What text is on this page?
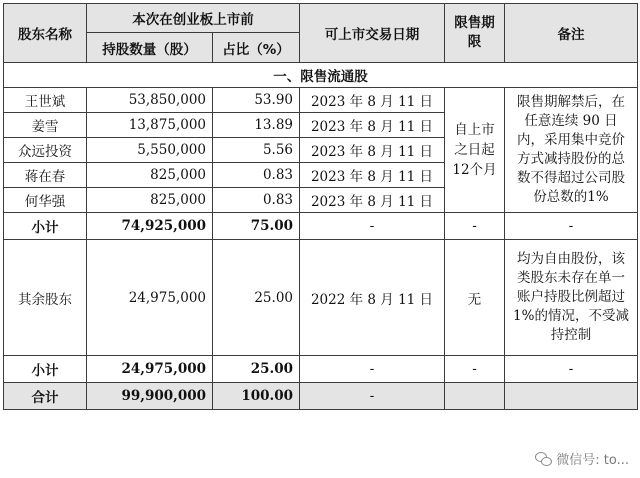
股东名称	本次在创业板上市前		可上市交易日期	限售期限	备注
	持股数量（股）	占比（%）			
一、限售流通股					
王世斌	53,850,000	53.90	2023 年 8 月 11 日	自上市之日起12个月	限售期解禁后，在任意连续 90 日内，采用集中竞价方式减持股份的总数不得超过公司股份总数的1%
姜雪	13,875,000	13.89	2023 年 8 月 11 日		
众远投资	5,550,000	5.56	2023 年 8 月 11 日		
蒋在春	825,000	0.83	2023 年 8 月 11 日		
何华强	825,000	0.83	2023 年 8 月 11 日		
小计	74,925,000	75.00	-	-	-
其余股东	24,975,000	25.00	2022 年 8 月 11 日	无	均为自由股份，该类股东未存在单一账户持股比例超过 1%的情况，不受减持控制
小计	24,975,000	25.00	-	-	-
合计	99,900,000	100.00	-		
微信号: to...
